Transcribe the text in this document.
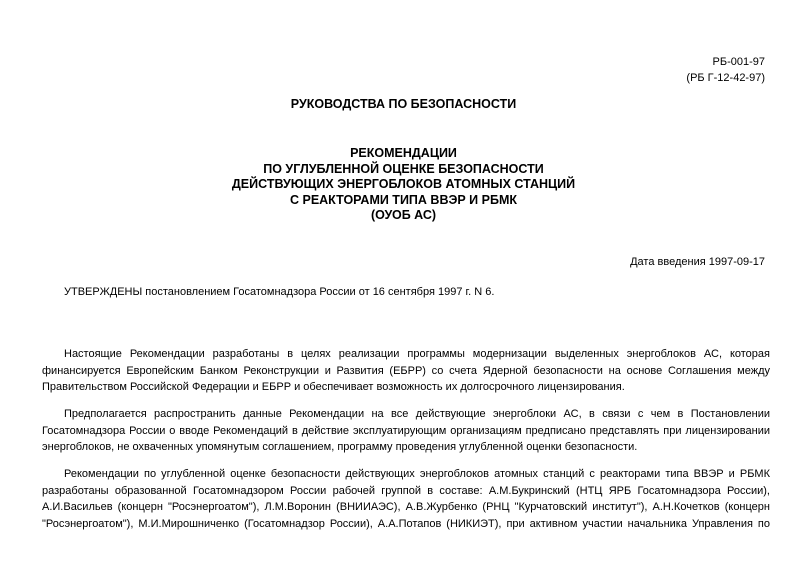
РБ-001-97
(РБ Г-12-42-97)
РУКОВОДСТВА ПО БЕЗОПАСНОСТИ
РЕКОМЕНДАЦИИ
ПО УГЛУБЛЕННОЙ ОЦЕНКЕ БЕЗОПАСНОСТИ
ДЕЙСТВУЮЩИХ ЭНЕРГОБЛОКОВ АТОМНЫХ СТАНЦИЙ
С РЕАКТОРАМИ ТИПА ВВЭР И РБМК
(ОУОБ АС)
Дата введения 1997-09-17
УТВЕРЖДЕНЫ постановлением Госатомнадзора России от 16 сентября 1997 г. N 6.
Настоящие Рекомендации разработаны в целях реализации программы модернизации выделенных энергоблоков АС, которая
финансируется Европейским Банком Реконструкции и Развития (ЕБРР) со счета Ядерной безопасности на основе Соглашения между
Правительством Российской Федерации и ЕБРР и обеспечивает возможность их долгосрочного лицензирования.
Предполагается распространить данные Рекомендации на все действующие энергоблоки АС, в связи с чем в Постановлении
Госатомнадзора России о вводе Рекомендаций в действие эксплуатирующим организациям предписано представлять при лицензировании
энергоблоков, не охваченных упомянутым соглашением, программу проведения углубленной оценки безопасности.
Рекомендации по углубленной оценке безопасности действующих энергоблоков атомных станций с реакторами типа ВВЭР и РБМК
разработаны образованной Госатомнадзором России рабочей группой в составе: А.М.Букринский (НТЦ ЯРБ Госатомнадзора России),
А.И.Васильев (концерн "Росэнергоатом"), Л.М.Воронин (ВНИИАЭС), А.В.Журбенко (РНЦ "Курчатовский институт"), А.Н.Кочетков (концерн
"Росэнергоатом"), М.И.Мирошниченко (Госатомнадзор России), А.А.Потапов (НИКИЭТ), при активном участии начальника Управления по
